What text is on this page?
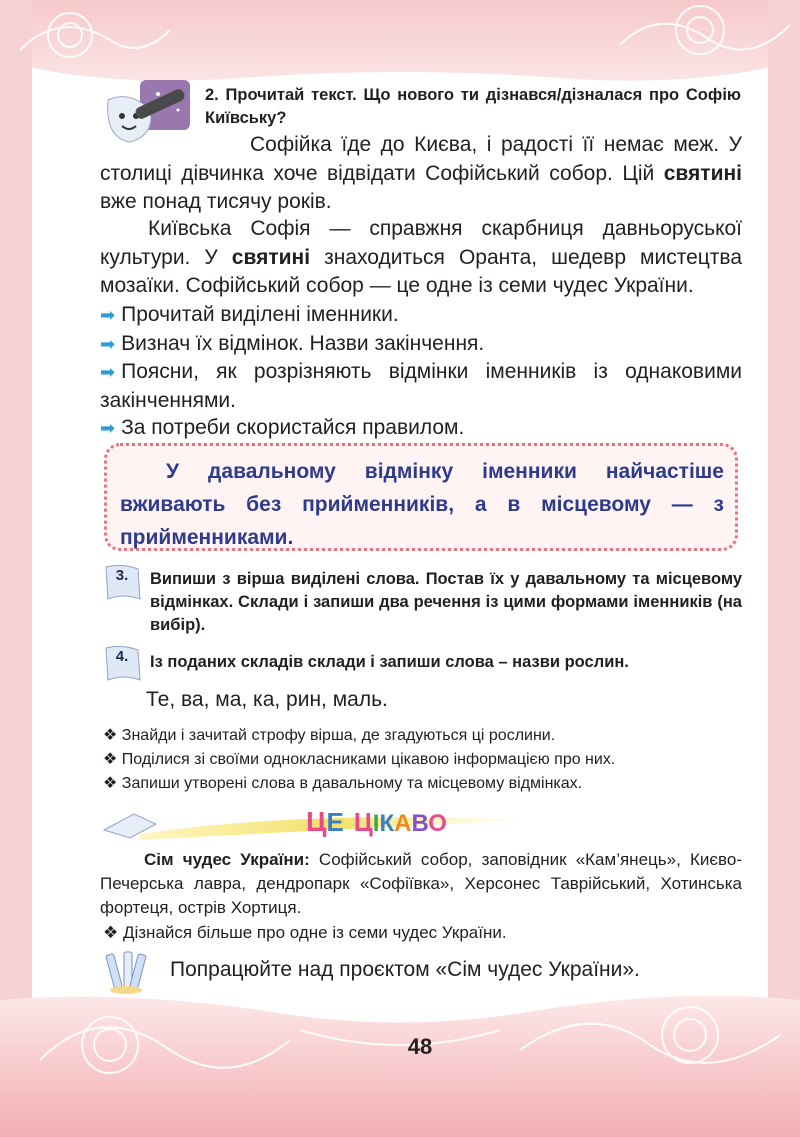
2. Прочитай текст. Що нового ти дізнався/дізналася про Софію Київську?
Софійка їде до Києва, і радості її немає меж. У столиці дівчинка хоче відвідати Софійський собор. Цій святині вже понад тисячу років.
Київська Софія — справжня скарбниця давньоруської культури. У святині знаходиться Оранта, шедевр мистецтва мозаїки. Софійський собор — це одне із семи чудес України.
➡ Прочитай виділені іменники.
➡ Визнач їх відмінок. Назви закінчення.
➡ Поясни, як розрізняють відмінки іменників із однаковими закінченнями.
➡ За потреби скористайся правилом.
У давальному відмінку іменники найчастіше вживають без прийменників, а в місцевому — з прийменниками.
3.	Випиши з вірша виділені слова. Постав їх у давальному та місцевому відмінках. Склади і запиши два речення із цими формами іменників (на вибір).
4.	Із поданих складів склади і запиши слова – назви рослин.
Те, ва, ма, ка, рин, маль.
❖ Знайди і зачитай строфу вірша, де згадуються ці рослини.
❖ Поділися зі своїми однокласниками цікавою інформацією про них.
❖ Запиши утворені слова в давальному та місцевому відмінках.
ЦЕ ЦІКАВО
Сім чудес України: Софійський собор, заповідник «Кам’янець», Києво-Печерська лавра, дендропарк «Софіївка», Херсонес Таврійський, Хотинська фортеця, острів Хортиця.
❖ Дізнайся більше про одне із семи чудес України.
Попрацюйте над проєктом «Сім чудес України».
48
